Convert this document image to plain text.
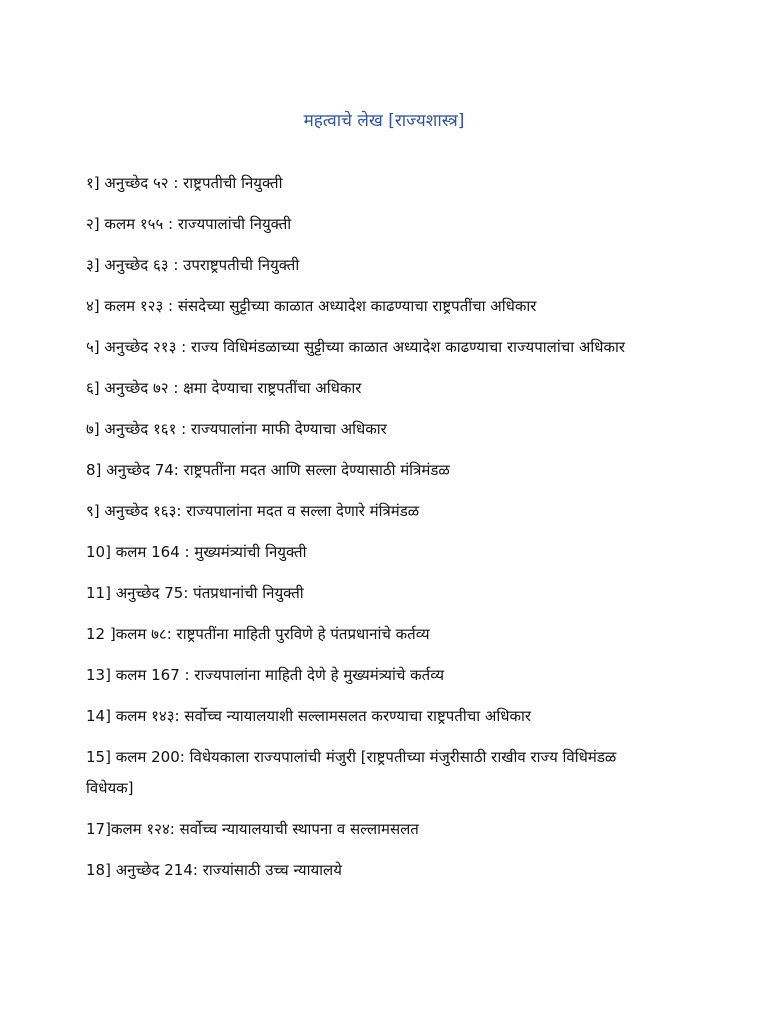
महत्वाचे लेख [राज्यशास्त्र]
१] अनुच्छेद ५२ : राष्ट्रपतीची नियुक्ती
२] कलम १५५ : राज्यपालांची नियुक्ती
३] अनुच्छेद ६३ : उपराष्ट्रपतीची नियुक्ती
४] कलम १२३ : संसदेच्या सुट्टीच्या काळात अध्यादेश काढण्याचा राष्ट्रपतींचा अधिकार
५] अनुच्छेद २१३ : राज्य विधिमंडळाच्या सुट्टीच्या काळात अध्यादेश काढण्याचा राज्यपालांचा अधिकार
६] अनुच्छेद ७२ : क्षमा देण्याचा राष्ट्रपतींचा अधिकार
७] अनुच्छेद १६१ : राज्यपालांना माफी देण्याचा अधिकार
8] अनुच्छेद 74: राष्ट्रपतींना मदत आणि सल्ला देण्यासाठी मंत्रिमंडळ
९] अनुच्छेद १६३: राज्यपालांना मदत व सल्ला देणारे मंत्रिमंडळ
10] कलम 164 : मुख्यमंत्र्यांची नियुक्ती
11] अनुच्छेद 75: पंतप्रधानांची नियुक्ती
12 ]कलम ७८: राष्ट्रपतींना माहिती पुरविणे हे पंतप्रधानांचे कर्तव्य
13] कलम 167 : राज्यपालांना माहिती देणे हे मुख्यमंत्र्यांचे कर्तव्य
14] कलम १४३: सर्वोच्च न्यायालयाशी सल्लामसलत करण्याचा राष्ट्रपतीचा अधिकार
15] कलम 200: विधेयकाला राज्यपालांची मंजुरी [राष्ट्रपतीच्या मंजुरीसाठी राखीव राज्य विधिमंडळ विधेयक]
17]कलम १२४: सर्वोच्च न्यायालयाची स्थापना व सल्लामसलत
18] अनुच्छेद 214: राज्यांसाठी उच्च न्यायालये
